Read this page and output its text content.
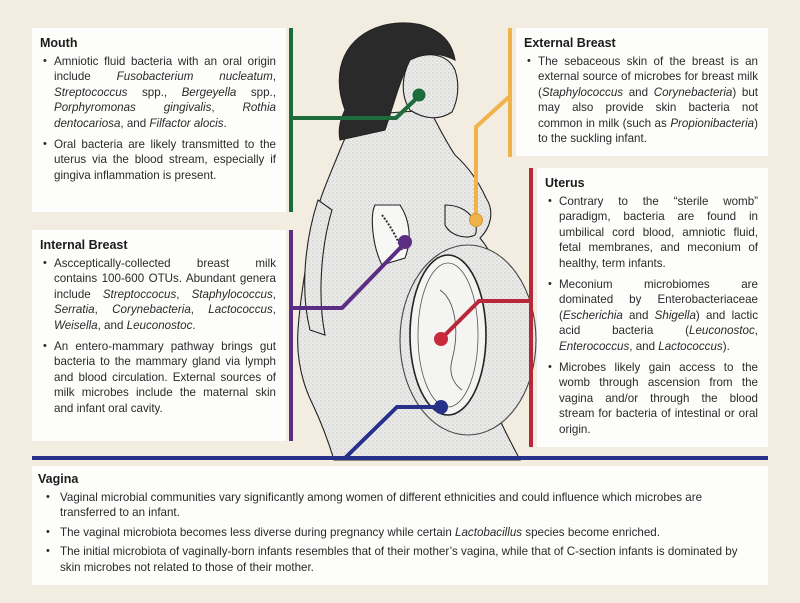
Mouth
• Amniotic fluid bacteria with an oral origin include Fusobacterium nucleatum, Streptococcus spp., Bergeyella spp., Porphyromonas gingivalis, Rothia dentocariosa, and Filfactor alocis.
• Oral bacteria are likely transmitted to the uterus via the blood stream, especially if gingiva inflammation is present.
Internal Breast
• Ascceptically-collected breast milk contains 100-600 OTUs. Abundant genera include Streptoccocus, Staphylococcus, Serratia, Corynebacteria, Lactococcus, Weisella, and Leuconostoc.
• An entero-mammary pathway brings gut bacteria to the mammary gland via lymph and blood circulation. External sources of milk microbes include the maternal skin and infant oral cavity.
External Breast
• The sebaceous skin of the breast is an external source of microbes for breast milk (Staphylococcus and Corynebacteria) but may also provide skin bacteria not common in milk (such as Propionibacteria) to the suckling infant.
Uterus
• Contrary to the “sterile womb” paradigm, bacteria are found in umbilical cord blood, amniotic fluid, fetal membranes, and meconium of healthy, term infants.
• Meconium microbiomes are dominated by Enterobacteriaceae (Escherichia and Shigella) and lactic acid bacteria (Leuconostoc, Enterococcus, and Lactococcus).
• Microbes likely gain access to the womb through ascension from the vagina and/or through the blood stream for bacteria of intestinal or oral origin.
Vagina
• Vaginal microbial communities vary significantly among women of different ethnicities and could influence which microbes are transferred to an infant.
• The vaginal microbiota becomes less diverse during pregnancy while certain Lactobacillus species become enriched.
• The initial microbiota of vaginally-born infants resembles that of their mother’s vagina, while that of C-section infants is dominated by skin microbes not related to those of their mother.
